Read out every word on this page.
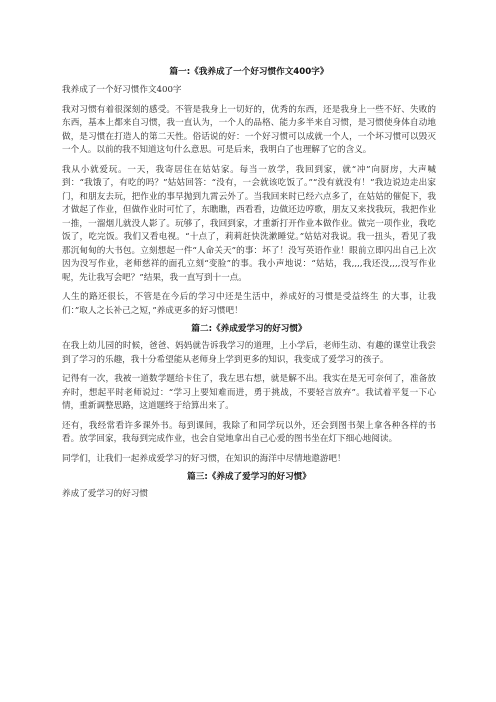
篇一:《我养成了一个好习惯作文400字》
我养成了一个好习惯作文400字

我对习惯有着很深刻的感受。不管是我身上一切好的，优秀的东西，还是我身上一些不好、失败的东西，基本上都来自习惯，我一直认为，一个人的品格、能力多半来自习惯，是习惯使身体自动地做，是习惯在打造人的第二天性。俗话说的好：一个好习惯可以成就一个人，一个坏习惯可以毁灭一个人。以前的我不知道这句什么意思。可是后来，我明白了也理解了它的含义。

我从小就爱玩。一天，我寄居住在姑姑家。每当一放学，我回到家，就“冲”向厨房，大声喊到：“我饿了，有吃的吗？”姑姑回答：“没有，一会就该吃饭了。”“没有就没有！”我边说边走出家门，和朋友去玩，把作业的事早抛到九霄云外了。当我回来时已经六点多了，在姑姑的催促下，我才做起了作业，但做作业时可忙了，东瞧瞧，西看看，边做还边哼歌，朋友又来找我玩，我把作业一推，一溜烟儿就没人影了。玩够了，我回到家，才重新打开作业本做作业。做完一项作业，我吃饭了，吃完饭。我们又看电视。“十点了，莉莉赶快洗漱睡觉。”姑姑对我说。我一扭头，看见了我那沉甸甸的大书包。立刻想起一件“人命关天”的事：坏了！没写英语作业！眼前立即闪出自己上次因为没写作业，老师慈祥的面孔立刻“变脸”的事。我小声地说：“姑姑，我,,,,我还没,,,,没写作业呢，先让我写会吧？”结果，我一直写到十一点。

人生的路还很长，不管是在今后的学习中还是生活中，养成好的习惯是受益终生 的大事，让我们：”取人之长补己之短，”养成更多的好习惯吧！

篇二:《养成爱学习的好习惯》

在我上幼儿园的时候，爸爸、妈妈就告诉我学习的道理，上小学后，老师生动、有趣的课堂让我尝到了学习的乐趣，我十分希望能从老师身上学到更多的知识，我变成了爱学习的孩子。

记得有一次，我被一道数学题给卡住了，我左思右想，就是解不出。我实在是无可奈何了，准备放弃时，想起平时老师说过：“学习上要知难而进，勇于挑战，不要轻言放弃”。我试着平复一下心情，重新调整思路，这道题终于给算出来了。

还有，我经常看许多课外书。每到课间，我除了和同学玩以外，还会到图书架上拿各种各样的书看。放学回家，我每到完成作业，也会自觉地拿出自己心爱的图书坐在灯下细心地阅读。

同学们，让我们一起养成爱学习的好习惯，在知识的海洋中尽情地遨游吧！

篇三:《养成了爱学习的好习惯》
养成了爱学习的好习惯
